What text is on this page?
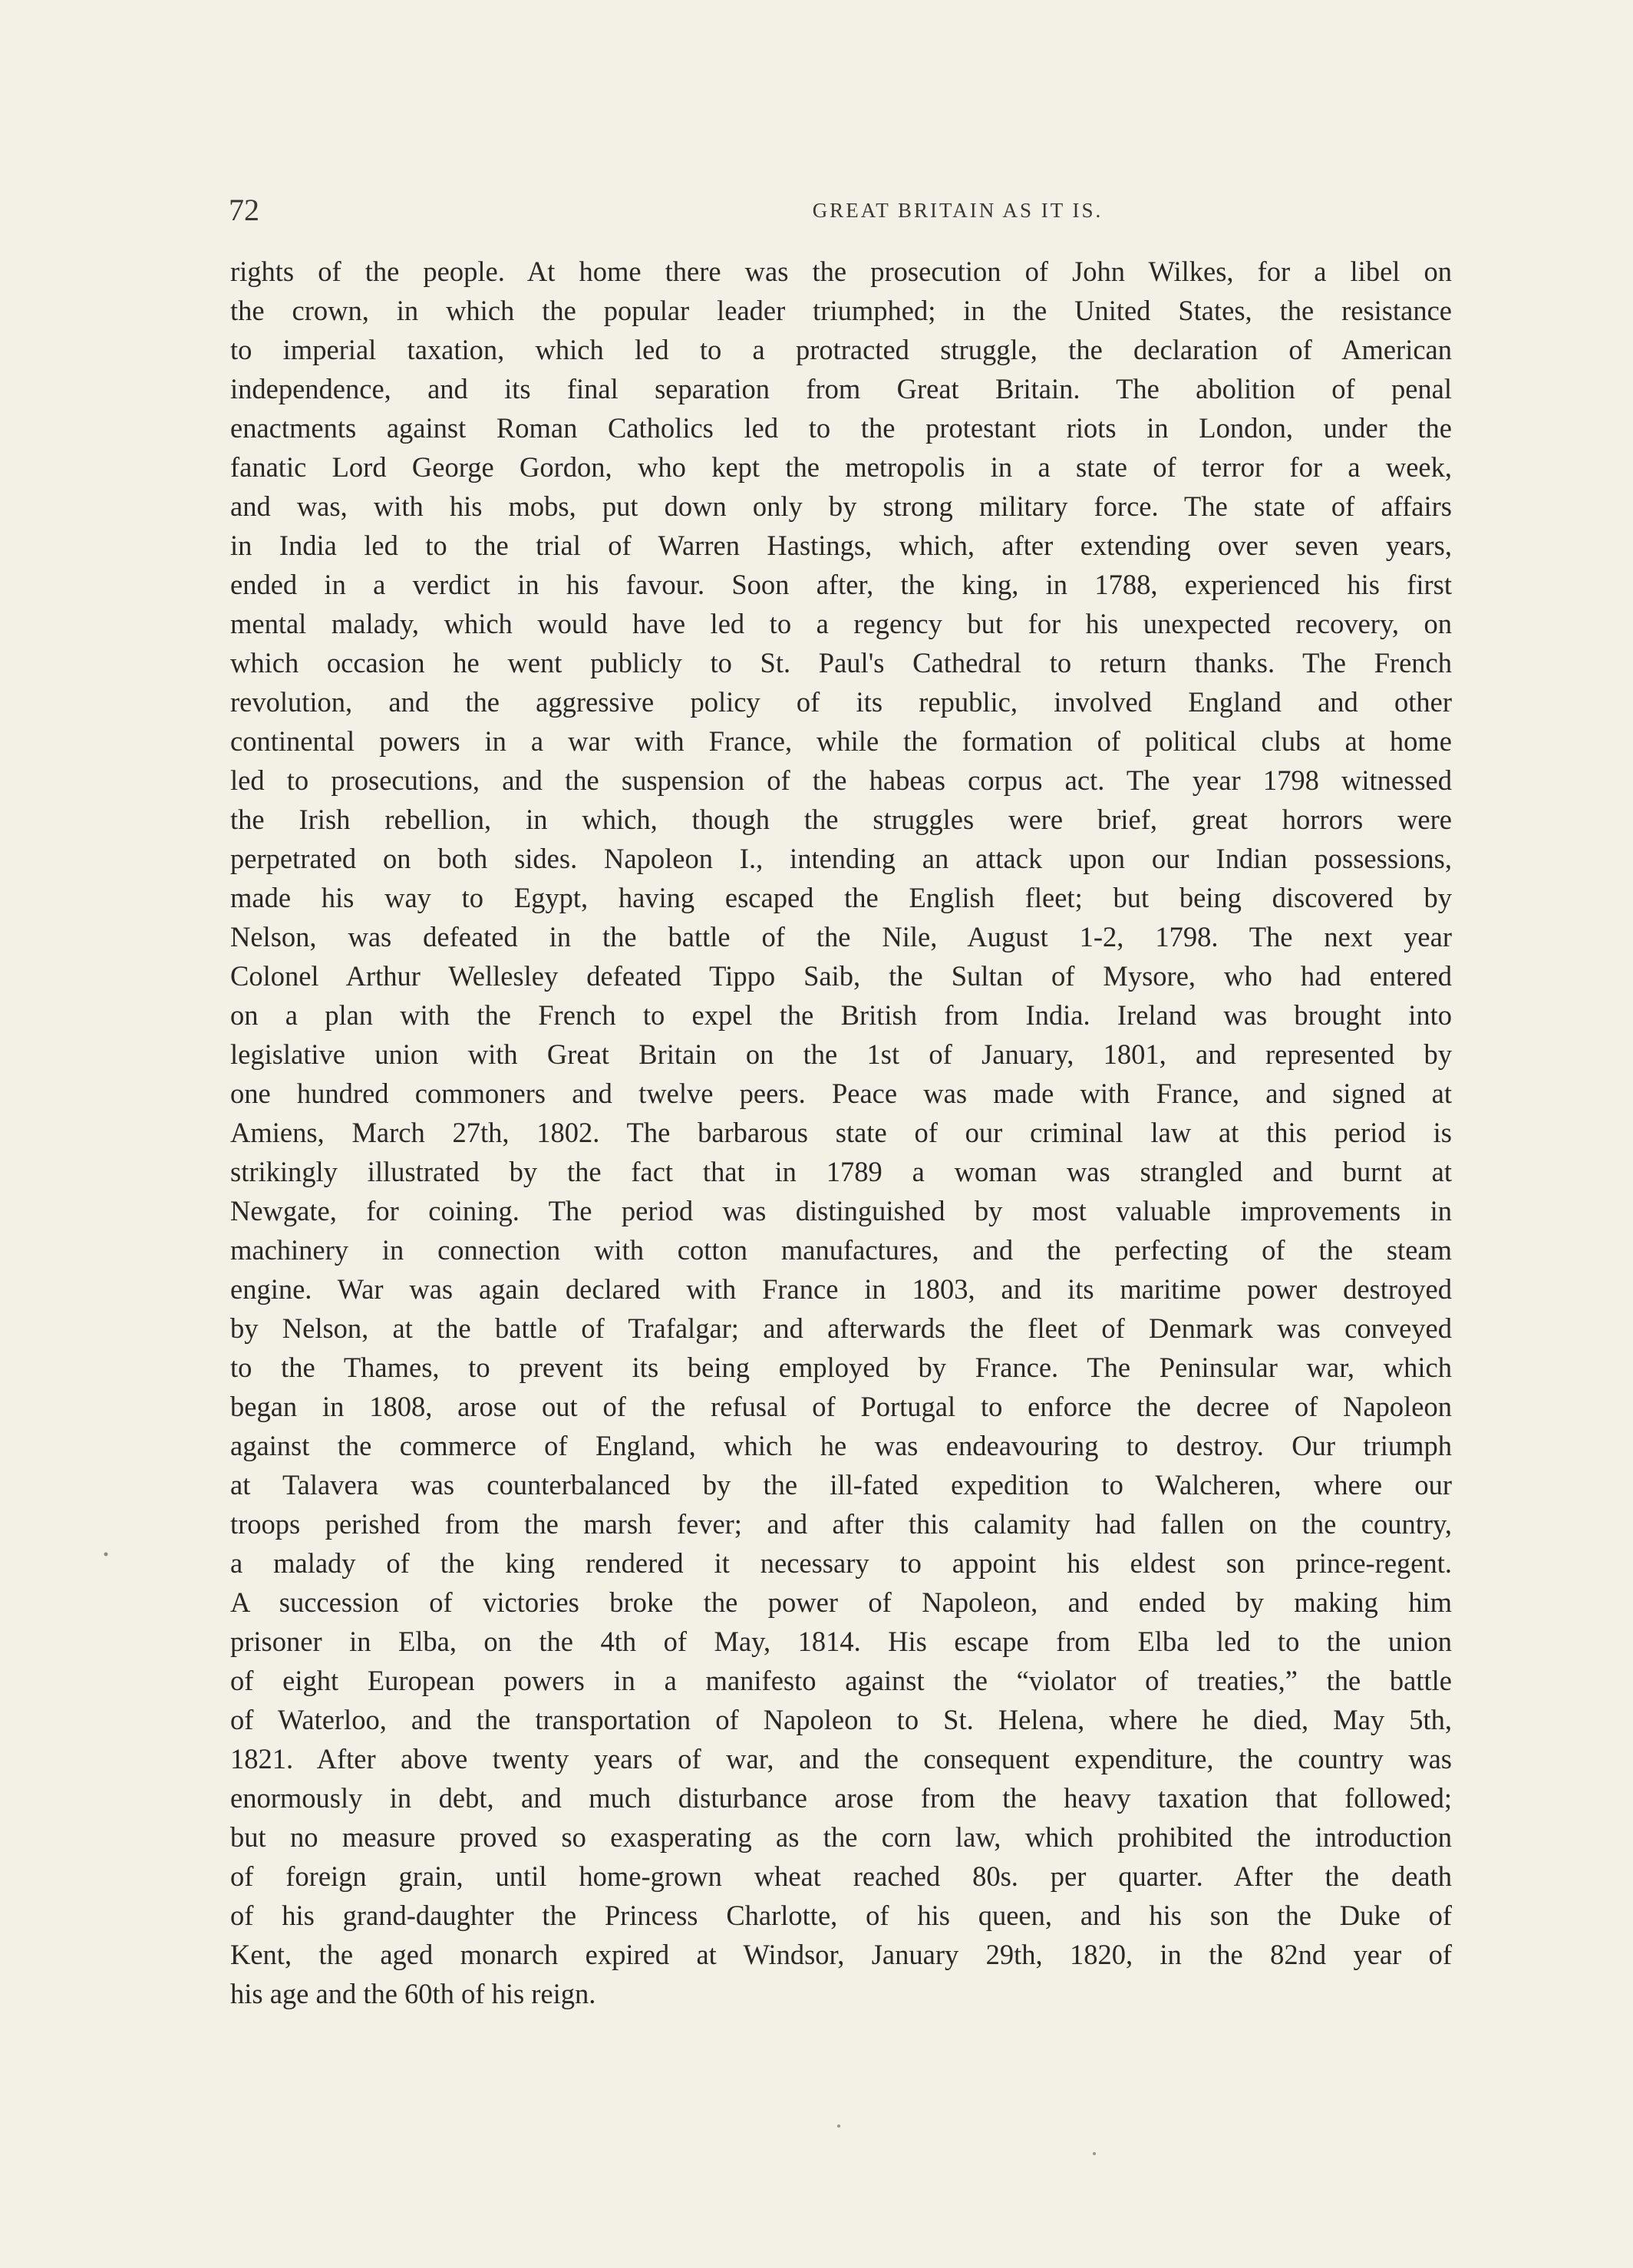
72	GREAT BRITAIN AS IT IS.
rights of the people. At home there was the prosecution of John Wilkes, for a libel on
the crown, in which the popular leader triumphed; in the United States, the resistance
to imperial taxation, which led to a protracted struggle, the declaration of American
independence, and its final separation from Great Britain. The abolition of penal
enactments against Roman Catholics led to the protestant riots in London, under the
fanatic Lord George Gordon, who kept the metropolis in a state of terror for a week,
and was, with his mobs, put down only by strong military force. The state of affairs
in India led to the trial of Warren Hastings, which, after extending over seven years,
ended in a verdict in his favour. Soon after, the king, in 1788, experienced his first
mental malady, which would have led to a regency but for his unexpected recovery, on
which occasion he went publicly to St. Paul's Cathedral to return thanks. The French
revolution, and the aggressive policy of its republic, involved England and other
continental powers in a war with France, while the formation of political clubs at home
led to prosecutions, and the suspension of the habeas corpus act. The year 1798 witnessed
the Irish rebellion, in which, though the struggles were brief, great horrors were
perpetrated on both sides. Napoleon I., intending an attack upon our Indian possessions,
made his way to Egypt, having escaped the English fleet; but being discovered by
Nelson, was defeated in the battle of the Nile, August 1-2, 1798. The next year
Colonel Arthur Wellesley defeated Tippo Saib, the Sultan of Mysore, who had entered
on a plan with the French to expel the British from India. Ireland was brought into
legislative union with Great Britain on the 1st of January, 1801, and represented by
one hundred commoners and twelve peers. Peace was made with France, and signed at
Amiens, March 27th, 1802. The barbarous state of our criminal law at this period is
strikingly illustrated by the fact that in 1789 a woman was strangled and burnt at
Newgate, for coining. The period was distinguished by most valuable improvements in
machinery in connection with cotton manufactures, and the perfecting of the steam
engine. War was again declared with France in 1803, and its maritime power destroyed
by Nelson, at the battle of Trafalgar; and afterwards the fleet of Denmark was conveyed
to the Thames, to prevent its being employed by France. The Peninsular war, which
began in 1808, arose out of the refusal of Portugal to enforce the decree of Napoleon
against the commerce of England, which he was endeavouring to destroy. Our triumph
at Talavera was counterbalanced by the ill-fated expedition to Walcheren, where our
troops perished from the marsh fever; and after this calamity had fallen on the country,
a malady of the king rendered it necessary to appoint his eldest son prince-regent.
A succession of victories broke the power of Napoleon, and ended by making him
prisoner in Elba, on the 4th of May, 1814. His escape from Elba led to the union
of eight European powers in a manifesto against the “violator of treaties,” the battle
of Waterloo, and the transportation of Napoleon to St. Helena, where he died, May 5th,
1821. After above twenty years of war, and the consequent expenditure, the country was
enormously in debt, and much disturbance arose from the heavy taxation that followed;
but no measure proved so exasperating as the corn law, which prohibited the introduction
of foreign grain, until home-grown wheat reached 80s. per quarter. After the death
of his grand-daughter the Princess Charlotte, of his queen, and his son the Duke of
Kent, the aged monarch expired at Windsor, January 29th, 1820, in the 82nd year of
his age and the 60th of his reign.
